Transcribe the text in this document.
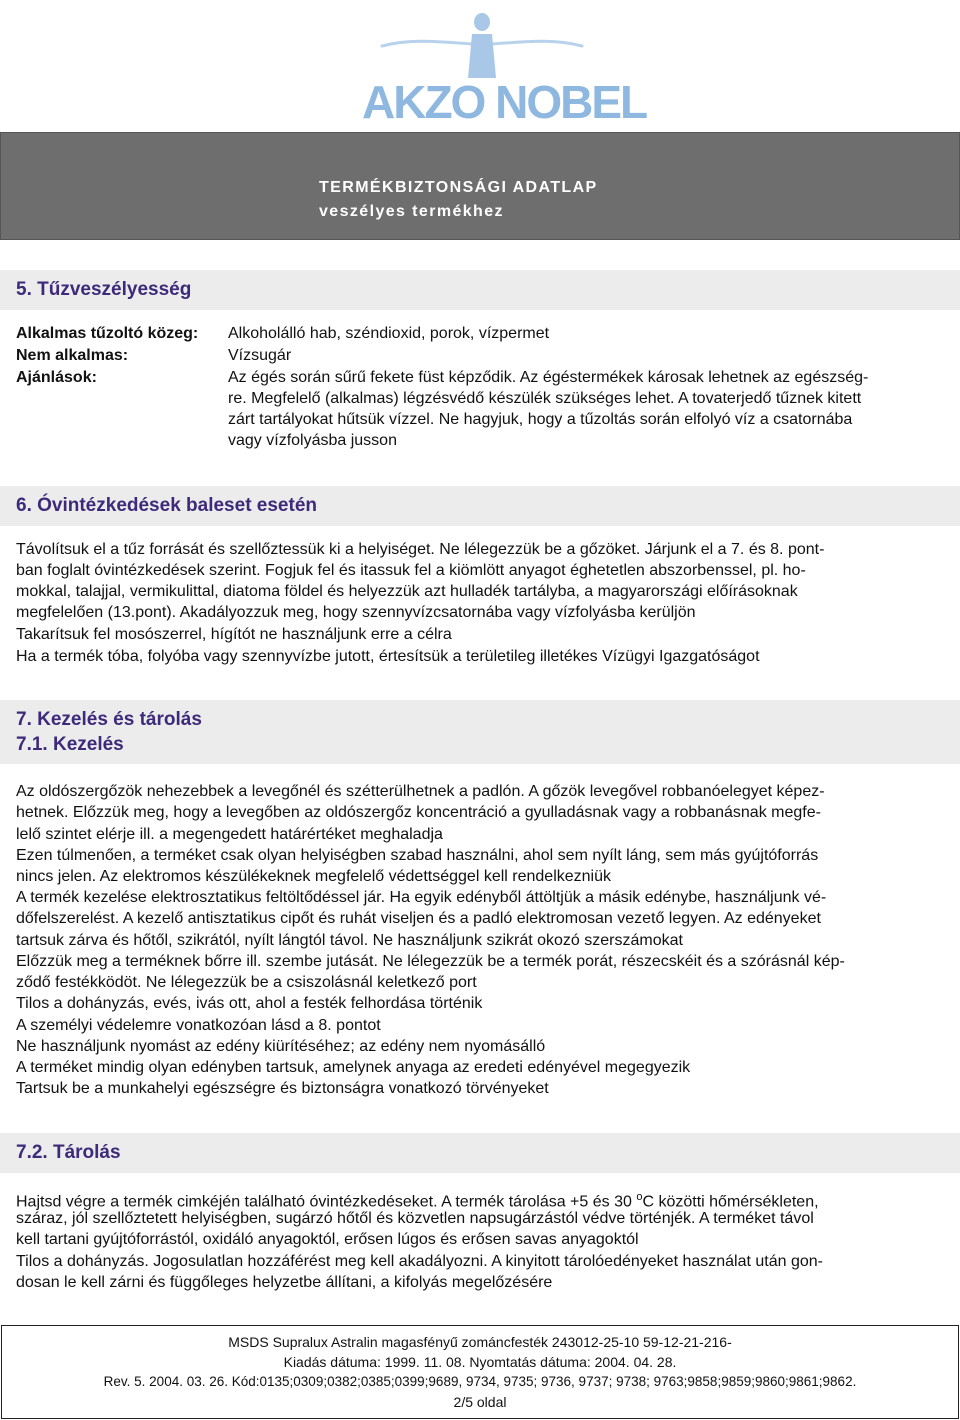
AKZO NOBEL
TERMÉKBIZTONSÁGI ADATLAP
veszélyes termékhez
5. Tűzveszélyesség
Alkalmas tűzoltó közeg: Alkoholálló hab, széndioxid, porok, vízpermet
Nem alkalmas:	Vízsugár
Ajánlások:	Az égés során sűrű fekete füst képződik. Az égéstermékek károsak lehetnek az egészség-
re. Megfelelő (alkalmas) légzésvédő készülék szükséges lehet. A tovaterjedő tűznek kitett
zárt tartályokat hűtsük vízzel. Ne hagyjuk, hogy a tűzoltás során elfolyó víz a csatornába
vagy vízfolyásba jusson
6. Óvintézkedések baleset esetén
Távolítsuk el a tűz forrását és szellőztessük ki a helyiséget. Ne lélegezzük be a gőzöket. Járjunk el a 7. és 8. pont-
ban foglalt óvintézkedések szerint. Fogjuk fel és itassuk fel a kiömlött anyagot éghetetlen abszorbenssel, pl. ho-
mokkal, talajjal, vermikulittal, diatoma földel és helyezzük azt hulladék tartályba, a magyarországi előírásoknak
megfelelően (13.pont). Akadályozzuk meg, hogy szennyvízcsatornába vagy vízfolyásba kerüljön
Takarítsuk fel mosószerrel, hígítót ne használjunk erre a célra
Ha a termék tóba, folyóba vagy szennyvízbe jutott, értesítsük a területileg illetékes Vízügyi Igazgatóságot
7. Kezelés és tárolás
7.1. Kezelés
Az oldószergőzök nehezebbek a levegőnél és szétterülhetnek a padlón. A gőzök levegővel robbanóelegyet képez-
hetnek. Előzzük meg, hogy a levegőben az oldószergőz koncentráció a gyulladásnak vagy a robbanásnak megfe-
lelő szintet elérje ill. a megengedett határértéket meghaladja
Ezen túlmenően, a terméket csak olyan helyiségben szabad használni, ahol sem nyílt láng, sem más gyújtóforrás
nincs jelen. Az elektromos készülékeknek megfelelő védettséggel kell rendelkezniük
A termék kezelése elektrosztatikus feltöltődéssel jár. Ha egyik edényből áttöltjük a másik edénybe, használjunk vé-
dőfelszerelést. A kezelő antisztatikus cipőt és ruhát viseljen és a padló elektromosan vezető legyen. Az edényeket
tartsuk zárva és hőtől, szikrától, nyílt lángtól távol. Ne használjunk szikrát okozó szerszámokat
Előzzük meg a terméknek bőrre ill. szembe jutását. Ne lélegezzük be a termék porát, részecskéit és a szórásnál kép-
ződő festékködöt. Ne lélegezzük be a csiszolásnál keletkező port
Tilos a dohányzás, evés, ivás ott, ahol a festék felhordása történik
A személyi védelemre vonatkozóan lásd a 8. pontot
Ne használjunk nyomást az edény kiürítéséhez; az edény nem nyomásálló
A terméket mindig olyan edényben tartsuk, amelynek anyaga az eredeti edényével megegyezik
Tartsuk be a munkahelyi egészségre és biztonságra vonatkozó törvényeket
7.2. Tárolás
Hajtsd végre a termék cimkéjén található óvintézkedéseket. A termék tárolása +5 és 30 $^o$C közötti hőmérsékleten,
száraz, jól szellőztetett helyiségben, sugárzó hőtől és közvetlen napsugárzástól védve történjék. A terméket távol
kell tartani gyújtóforrástól, oxidáló anyagoktól, erősen lúgos és erősen savas anyagoktól
Tilos a dohányzás. Jogosulatlan hozzáférést meg kell akadályozni. A kinyitott tárolóedényeket használat után gon-
dosan le kell zárni és függőleges helyzetbe állítani, a kifolyás megelőzésére
MSDS Supralux Astralin magasfényű zománcfesték 243012-25-10 59-12-21-216-
Kiadás dátuma: 1999. 11. 08. Nyomtatás dátuma: 2004. 04. 28.
Rev. 5. 2004. 03. 26. Kód:0135;0309;0382;0385;0399;9689, 9734, 9735; 9736, 9737; 9738; 9763;9858;9859;9860;9861;9862.
2/5 oldal
